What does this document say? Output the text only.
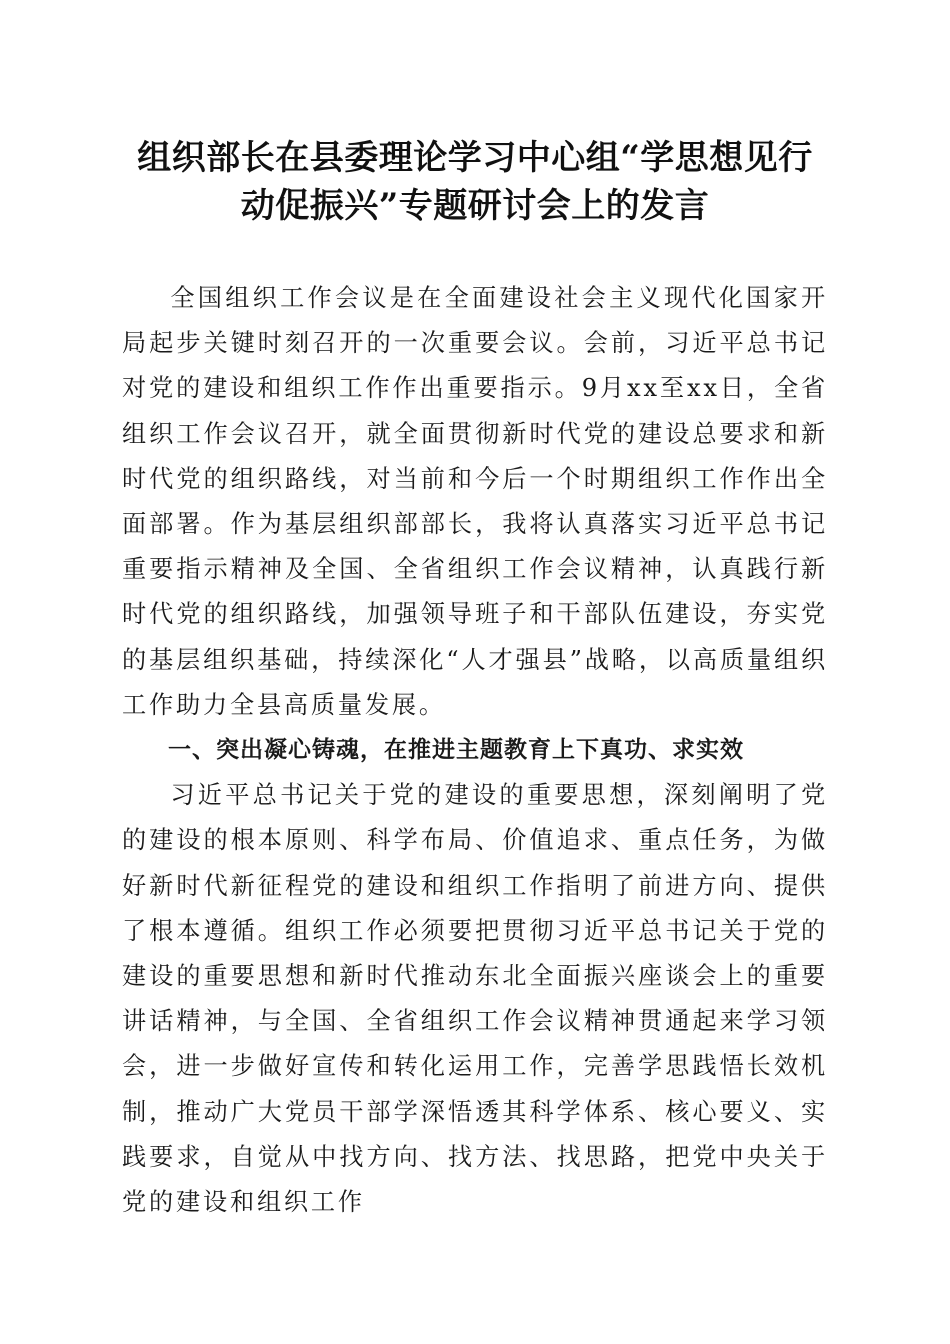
组织部长在县委理论学习中心组“学思想见行
动促振兴”专题研讨会上的发言

全国组织工作会议是在全面建设社会主义现代化国家开局起步关键时刻召开的一次重要会议。会前，习近平总书记对党的建设和组织工作作出重要指示。9月xx至xx日，全省组织工作会议召开，就全面贯彻新时代党的建设总要求和新时代党的组织路线，对当前和今后一个时期组织工作作出全面部署。作为基层组织部部长，我将认真落实习近平总书记重要指示精神及全国、全省组织工作会议精神，认真践行新时代党的组织路线，加强领导班子和干部队伍建设，夯实党的基层组织基础，持续深化“人才强县”战略，以高质量组织工作助力全县高质量发展。

一、突出凝心铸魂，在推进主题教育上下真功、求实效

习近平总书记关于党的建设的重要思想，深刻阐明了党的建设的根本原则、科学布局、价值追求、重点任务，为做好新时代新征程党的建设和组织工作指明了前进方向、提供了根本遵循。组织工作必须要把贯彻习近平总书记关于党的建设的重要思想和新时代推动东北全面振兴座谈会上的重要讲话精神，与全国、全省组织工作会议精神贯通起来学习领会，进一步做好宣传和转化运用工作，完善学思践悟长效机制，推动广大党员干部学深悟透其科学体系、核心要义、实践要求，自觉从中找方向、找方法、找思路，把党中央关于党的建设和组织工作
